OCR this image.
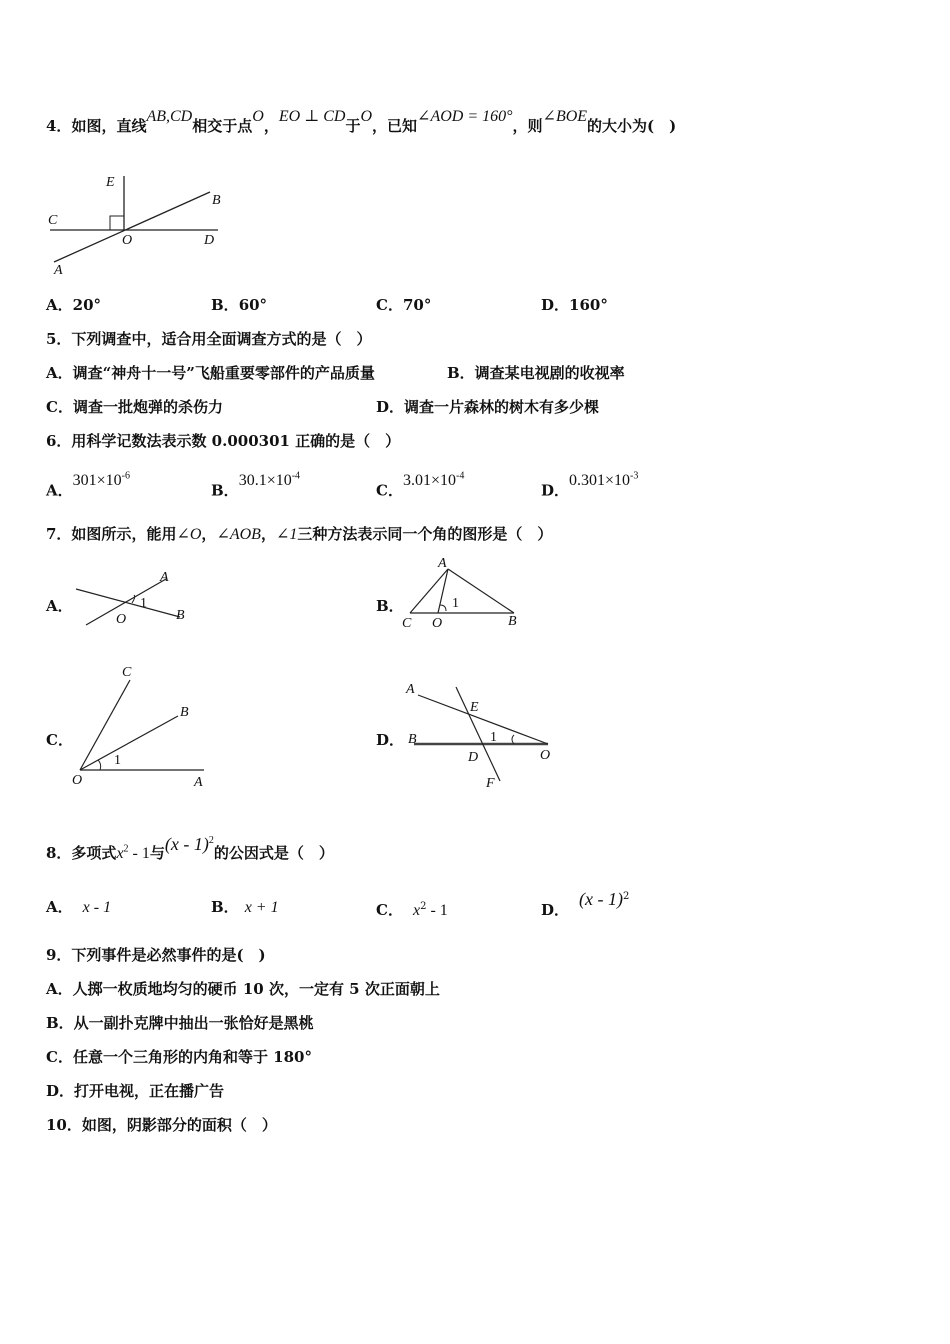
4．如图，直线AB,CD相交于点O，EO ⊥ CD于O，已知∠AOD = 160°，则∠BOE的大小为(　)
E
C
B
O	D
A
A．20°	B．60°	C．70°	D．160°
5．下列调查中，适合用全面调查方式的是（　）
A．调查“神舟十一号”飞船重要零部件的产品质量	B．调查某电视剧的收视率
C．调查一批炮弹的杀伤力	D．调查一片森林的树木有多少棵
6．用科学记数法表示数 0.000301 正确的是（　）
A．$301\times 10^{-6}$
B．$30.1\times 10^{-4}$
C．$3.01\times 10^{-4}$
D．$0.301\times 10^{-3}$
7．如图所示，能用∠O，∠AOB，∠1三种方法表示同一个角的图形是（　）
A．
A
O	B
1	B．
A
C O	B
1
C．
C
B
O	A
1
D．
A
E
B	1
D	O
F
8．多项式$x^2 - 1$与(x - 1)$^2$的公因式是（　）
A． x - 1	B． x + 1	C． $x^2 - 1$	D．(x - 1)$^2$
9．下列事件是必然事件的是(　)
A．人掷一枚质地均匀的硬币 10 次，一定有 5 次正面朝上
B．从一副扑克牌中抽出一张恰好是黑桃
C．任意一个三角形的内角和等于 180°
D．打开电视，正在播广告
10．如图，阴影部分的面积（　）
